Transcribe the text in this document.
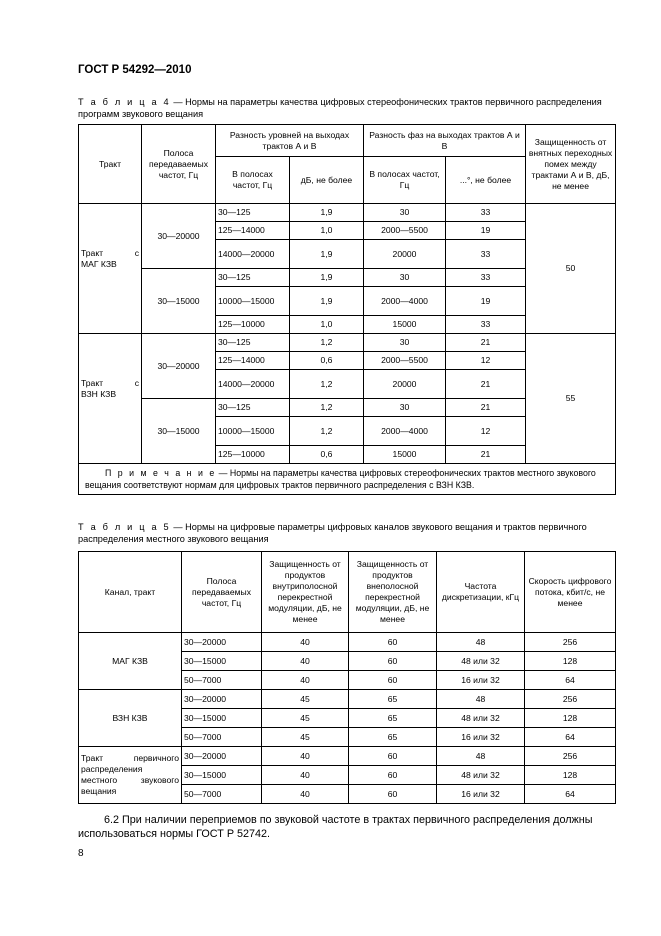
ГОСТ Р 54292—2010
Т а б л и ц а 4 — Нормы на параметры качества цифровых стереофонических трактов первичного распределения программ звукового вещания
Тракт	Полоса передаваемых частот, Гц	Разность уровней на выходах трактов А и В		Разность фаз на выходах трактов А и В		Защищенность от внятных переходных помех между трактами А и В, дБ, не менее
		В полосах частот, Гц	дБ, не более	В полосах частот, Гц	...°, не более	

Тракт с
МАГ КЗВ	30—20000	30—125	1,9	30	33	50
		125—14000	1,0	2000—5500	19	
		14000—20000	1,9	20000	33	
	30—15000	30—125	1,9	30	33	
		10000—15000	1,9	2000—4000	19	
		125—10000	1,0	15000	33	

Тракт с
ВЗН КЗВ	30—20000	30—125	1,2	30	21	55
		125—14000	0,6	2000—5500	12	
		14000—20000	1,2	20000	21	
	30—15000	30—125	1,2	30	21	
		10000—15000	1,2	2000—4000	12	
		125—10000	0,6	15000	21	
П р и м е ч а н и е — Нормы на параметры качества цифровых стереофонических трактов местного звукового вещания соответствуют нормам для цифровых трактов первичного распределения с ВЗН КЗВ.						
Т а б л и ц а 5 — Нормы на цифровые параметры цифровых каналов звукового вещания и трактов первичного распределения местного звукового вещания
Канал, тракт	Полоса передаваемых частот, Гц	Защищенность от продуктов внутриполосной перекрестной модуляции, дБ, не менее	Защищенность от продуктов внеполосной перекрестной модуляции, дБ, не менее	Частота дискретизации, кГц	Скорость цифрового потока, кбит/с, не менее
МАГ КЗВ	30—20000	40	60	48	256
	30—15000	40	60	48 или 32	128
	50—7000	40	60	16 или 32	64
ВЗН КЗВ	30—20000	45	65	48	256
	30—15000	45	65	48 или 32	128
	50—7000	45	65	16 или 32	64
Тракт первичного распределения местного звукового вещания	30—20000	40	60	48	256
	30—15000	40	60	48 или 32	128
	50—7000	40	60	16 или 32	64
6.2 При наличии переприемов по звуковой частоте в трактах первичного распределения должны использоваться нормы ГОСТ Р 52742.
8
